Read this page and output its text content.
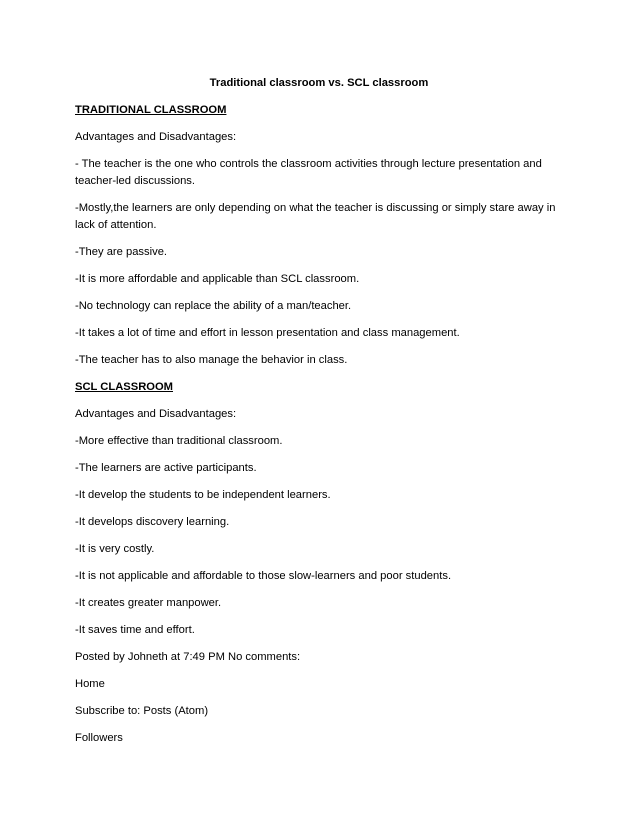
Traditional classroom vs. SCL classroom

TRADITIONAL CLASSROOM

Advantages and Disadvantages:

- The teacher is the one who controls the classroom activities through lecture presentation and teacher-led discussions.

-Mostly,the learners are only depending on what the teacher is discussing or simply stare away in lack of attention.

-They are passive.

-It is more affordable and applicable than SCL classroom.

-No technology can replace the ability of a man/teacher.

-It takes a lot of time and effort in lesson presentation and class management.

-The teacher has to also manage the behavior in class.

SCL CLASSROOM

Advantages and Disadvantages:

-More effective than traditional classroom.

-The learners are active participants.

-It develop the students to be independent learners.

-It develops discovery learning.

-It is very costly.

-It is not applicable and affordable to those slow-learners and poor students.

-It creates greater manpower.

-It saves time and effort.

Posted by Johneth at 7:49 PM No comments:

Home

Subscribe to: Posts (Atom)

Followers
